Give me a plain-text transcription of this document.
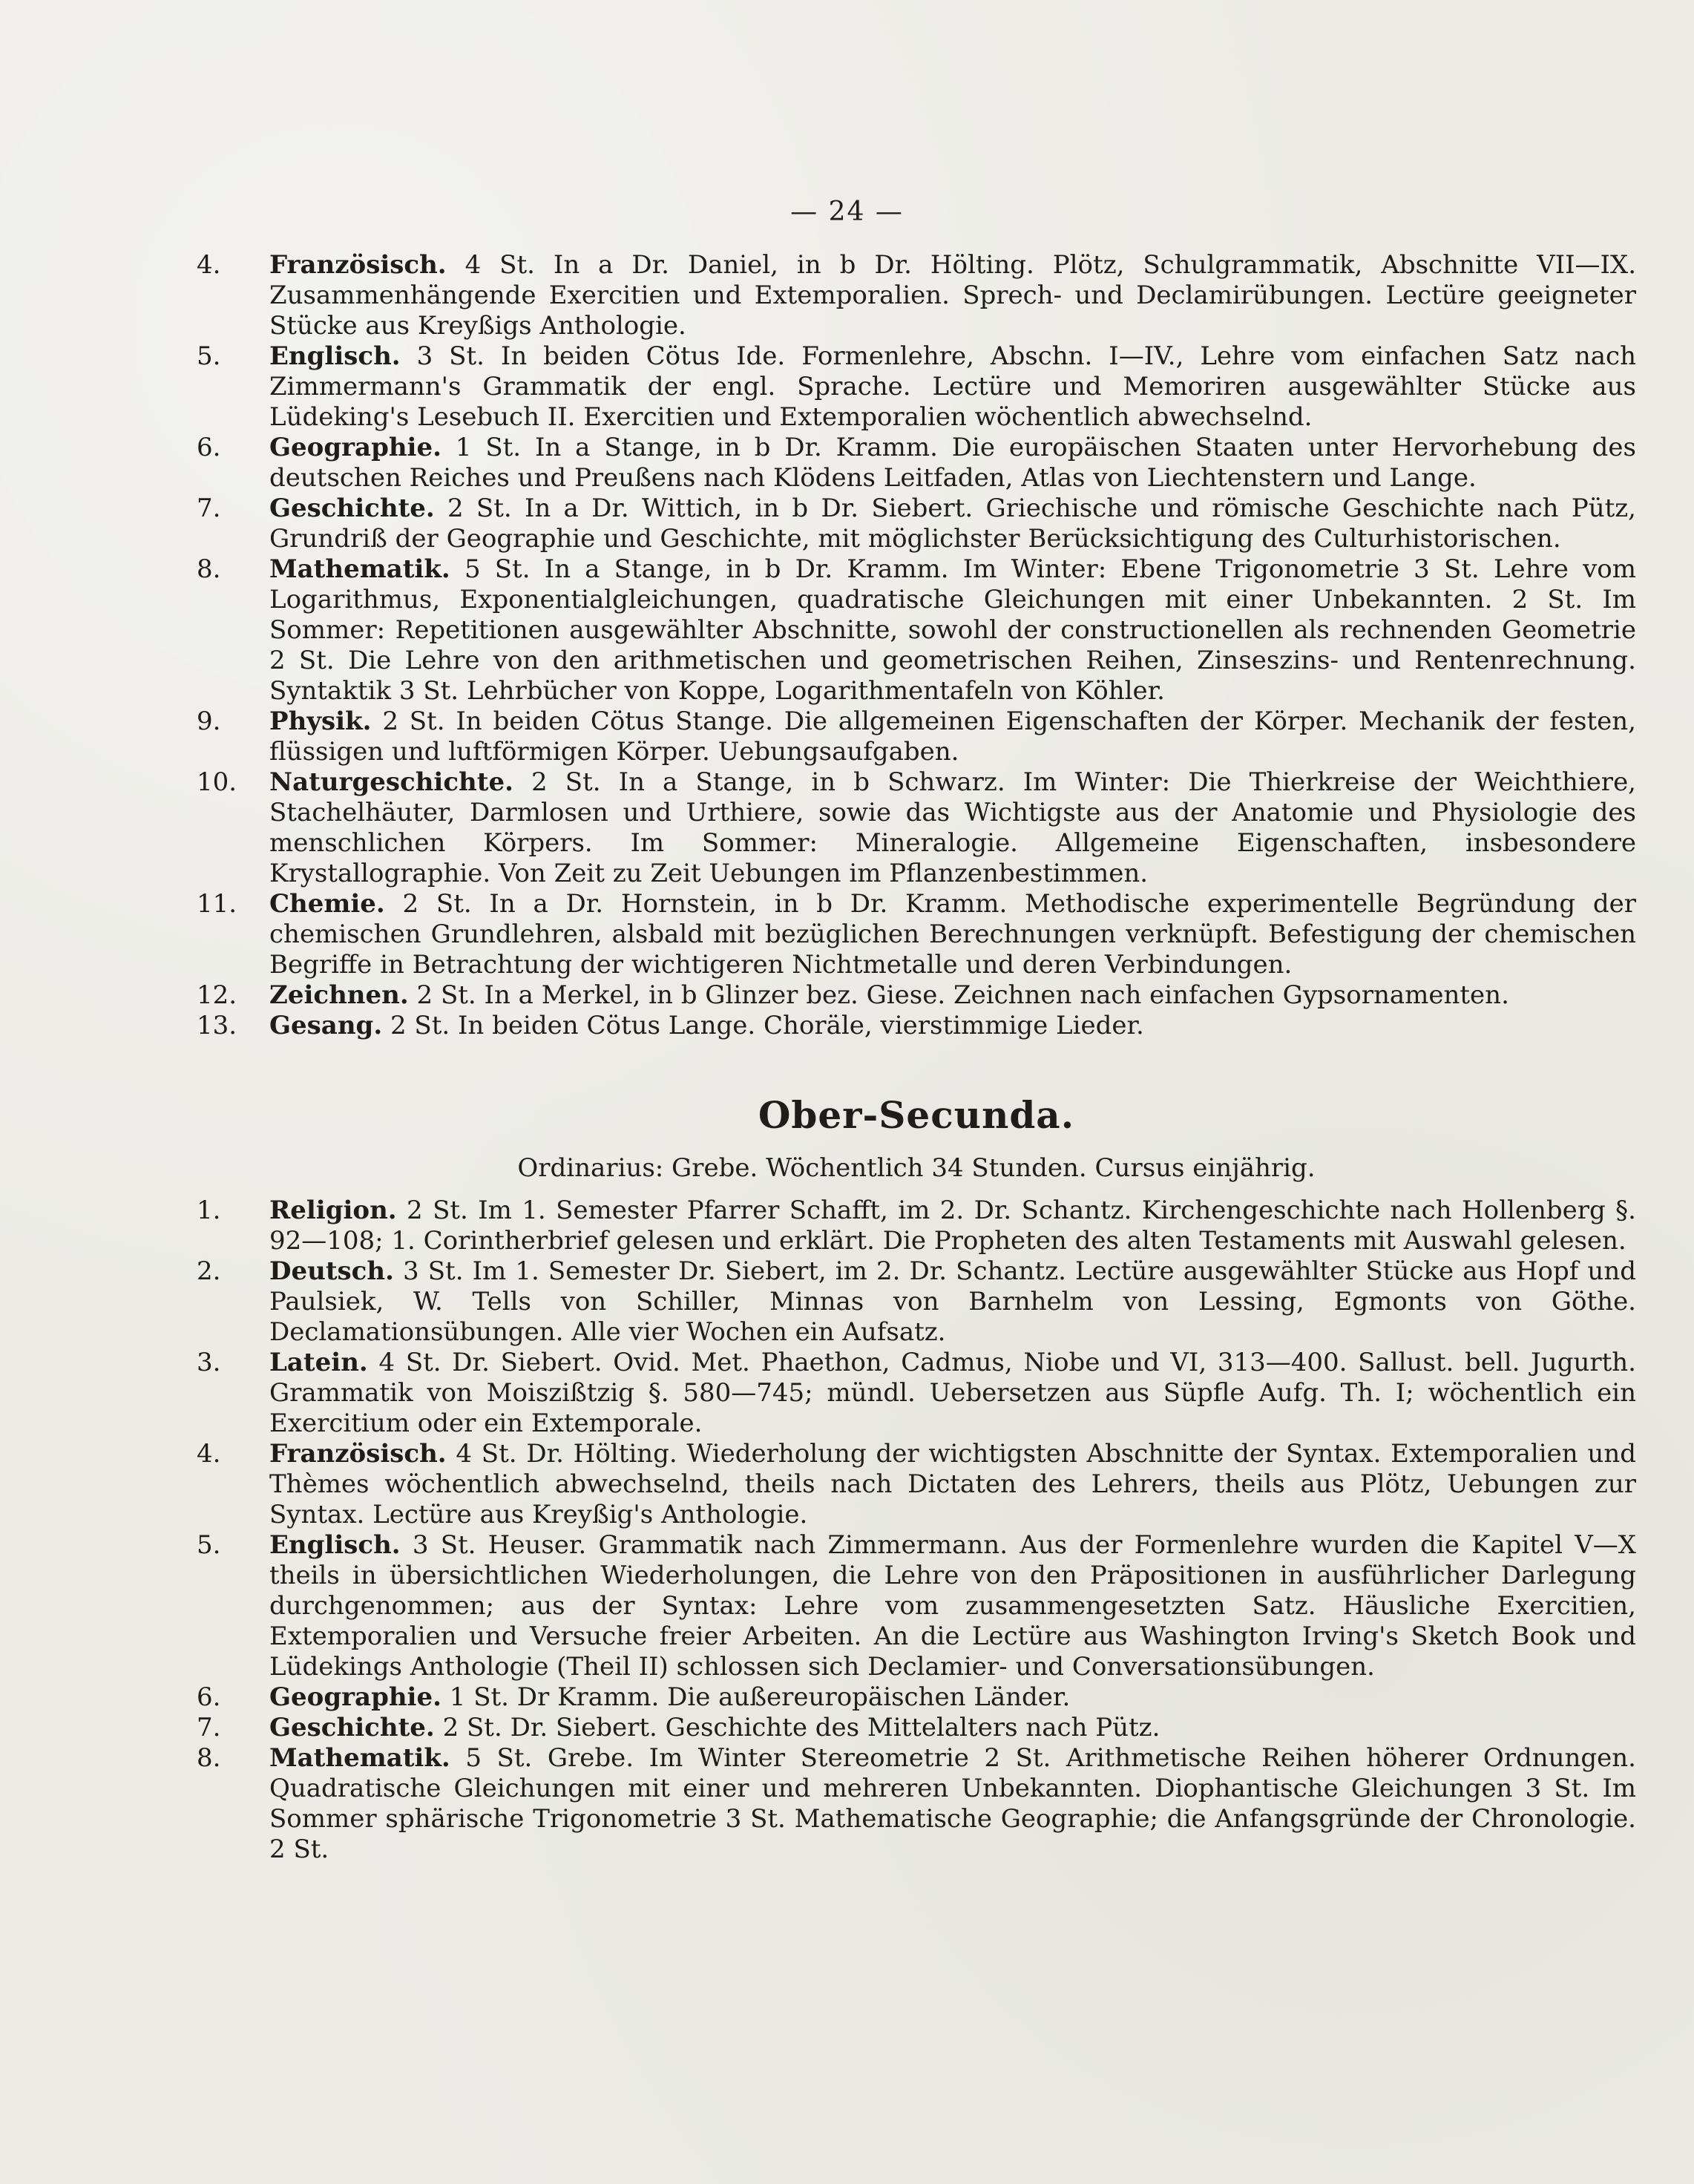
— 24 —

4.	Französisch. 4 St. In a Dr. Daniel, in b Dr. Hölting. Plötz, Schulgrammatik, Abschnitte VII—IX. Zusammenhängende Exercitien und Extemporalien. Sprech- und Declamirübungen. Lectüre geeigneter Stücke aus Kreyßigs Anthologie.

5.	Englisch. 3 St. In beiden Cötus Ide. Formenlehre, Abschn. I—IV., Lehre vom einfachen Satz nach Zimmermann's Grammatik der engl. Sprache. Lectüre und Memoriren ausgewählter Stücke aus Lüdeking's Lesebuch II. Exercitien und Extemporalien wöchentlich abwechselnd.

6.	Geographie. 1 St. In a Stange, in b Dr. Kramm. Die europäischen Staaten unter Hervorhebung des deutschen Reiches und Preußens nach Klödens Leitfaden, Atlas von Liechtenstern und Lange.

7.	Geschichte. 2 St. In a Dr. Wittich, in b Dr. Siebert. Griechische und römische Geschichte nach Pütz, Grundriß der Geographie und Geschichte, mit möglichster Berücksichtigung des Culturhistorischen.

8.	Mathematik. 5 St. In a Stange, in b Dr. Kramm. Im Winter: Ebene Trigonometrie 3 St. Lehre vom Logarithmus, Exponentialgleichungen, quadratische Gleichungen mit einer Unbekannten. 2 St. Im Sommer: Repetitionen ausgewählter Abschnitte, sowohl der constructionellen als rechnenden Geometrie 2 St. Die Lehre von den arithmetischen und geometrischen Reihen, Zinseszins- und Rentenrechnung. Syntaktik 3 St. Lehrbücher von Koppe, Logarithmentafeln von Köhler.

9.	Physik. 2 St. In beiden Cötus Stange. Die allgemeinen Eigenschaften der Körper. Mechanik der festen, flüssigen und luftförmigen Körper. Uebungsaufgaben.

10.	Naturgeschichte. 2 St. In a Stange, in b Schwarz. Im Winter: Die Thierkreise der Weichthiere, Stachelhäuter, Darmlosen und Urthiere, sowie das Wichtigste aus der Anatomie und Physiologie des menschlichen Körpers. Im Sommer: Mineralogie. Allgemeine Eigenschaften, insbesondere Krystallographie. Von Zeit zu Zeit Uebungen im Pflanzenbestimmen.

11.	Chemie. 2 St. In a Dr. Hornstein, in b Dr. Kramm. Methodische experimentelle Begründung der chemischen Grundlehren, alsbald mit bezüglichen Berechnungen verknüpft. Befestigung der chemischen Begriffe in Betrachtung der wichtigeren Nichtmetalle und deren Verbindungen.

12.	Zeichnen. 2 St. In a Merkel, in b Glinzer bez. Giese. Zeichnen nach einfachen Gypsornamenten.

13.	Gesang. 2 St. In beiden Cötus Lange. Choräle, vierstimmige Lieder.

Ober-Secunda.
Ordinarius: Grebe. Wöchentlich 34 Stunden. Cursus einjährig.

1.	Religion. 2 St. Im 1. Semester Pfarrer Schafft, im 2. Dr. Schantz. Kirchengeschichte nach Hollenberg §. 92—108; 1. Corintherbrief gelesen und erklärt. Die Propheten des alten Testaments mit Auswahl gelesen.

2.	Deutsch. 3 St. Im 1. Semester Dr. Siebert, im 2. Dr. Schantz. Lectüre ausgewählter Stücke aus Hopf und Paulsiek, W. Tells von Schiller, Minnas von Barnhelm von Lessing, Egmonts von Göthe. Declamationsübungen. Alle vier Wochen ein Aufsatz.

3.	Latein. 4 St. Dr. Siebert. Ovid. Met. Phaethon, Cadmus, Niobe und VI, 313—400. Sallust. bell. Jugurth. Grammatik von Moiszißtzig §. 580—745; mündl. Uebersetzen aus Süpfle Aufg. Th. I; wöchentlich ein Exercitium oder ein Extemporale.

4.	Französisch. 4 St. Dr. Hölting. Wiederholung der wichtigsten Abschnitte der Syntax. Extemporalien und Thèmes wöchentlich abwechselnd, theils nach Dictaten des Lehrers, theils aus Plötz, Uebungen zur Syntax. Lectüre aus Kreyßig's Anthologie.

5.	Englisch. 3 St. Heuser. Grammatik nach Zimmermann. Aus der Formenlehre wurden die Kapitel V—X theils in übersichtlichen Wiederholungen, die Lehre von den Präpositionen in ausführlicher Darlegung durchgenommen; aus der Syntax: Lehre vom zusammengesetzten Satz. Häusliche Exercitien, Extemporalien und Versuche freier Arbeiten. An die Lectüre aus Washington Irving's Sketch Book und Lüdekings Anthologie (Theil II) schlossen sich Declamier- und Conversationsübungen.

6.	Geographie. 1 St. Dr Kramm. Die außereuropäischen Länder.

7.	Geschichte. 2 St. Dr. Siebert. Geschichte des Mittelalters nach Pütz.

8.	Mathematik. 5 St. Grebe. Im Winter Stereometrie 2 St. Arithmetische Reihen höherer Ordnungen. Quadratische Gleichungen mit einer und mehreren Unbekannten. Diophantische Gleichungen 3 St. Im Sommer sphärische Trigonometrie 3 St. Mathematische Geographie; die Anfangsgründe der Chronologie. 2 St.
